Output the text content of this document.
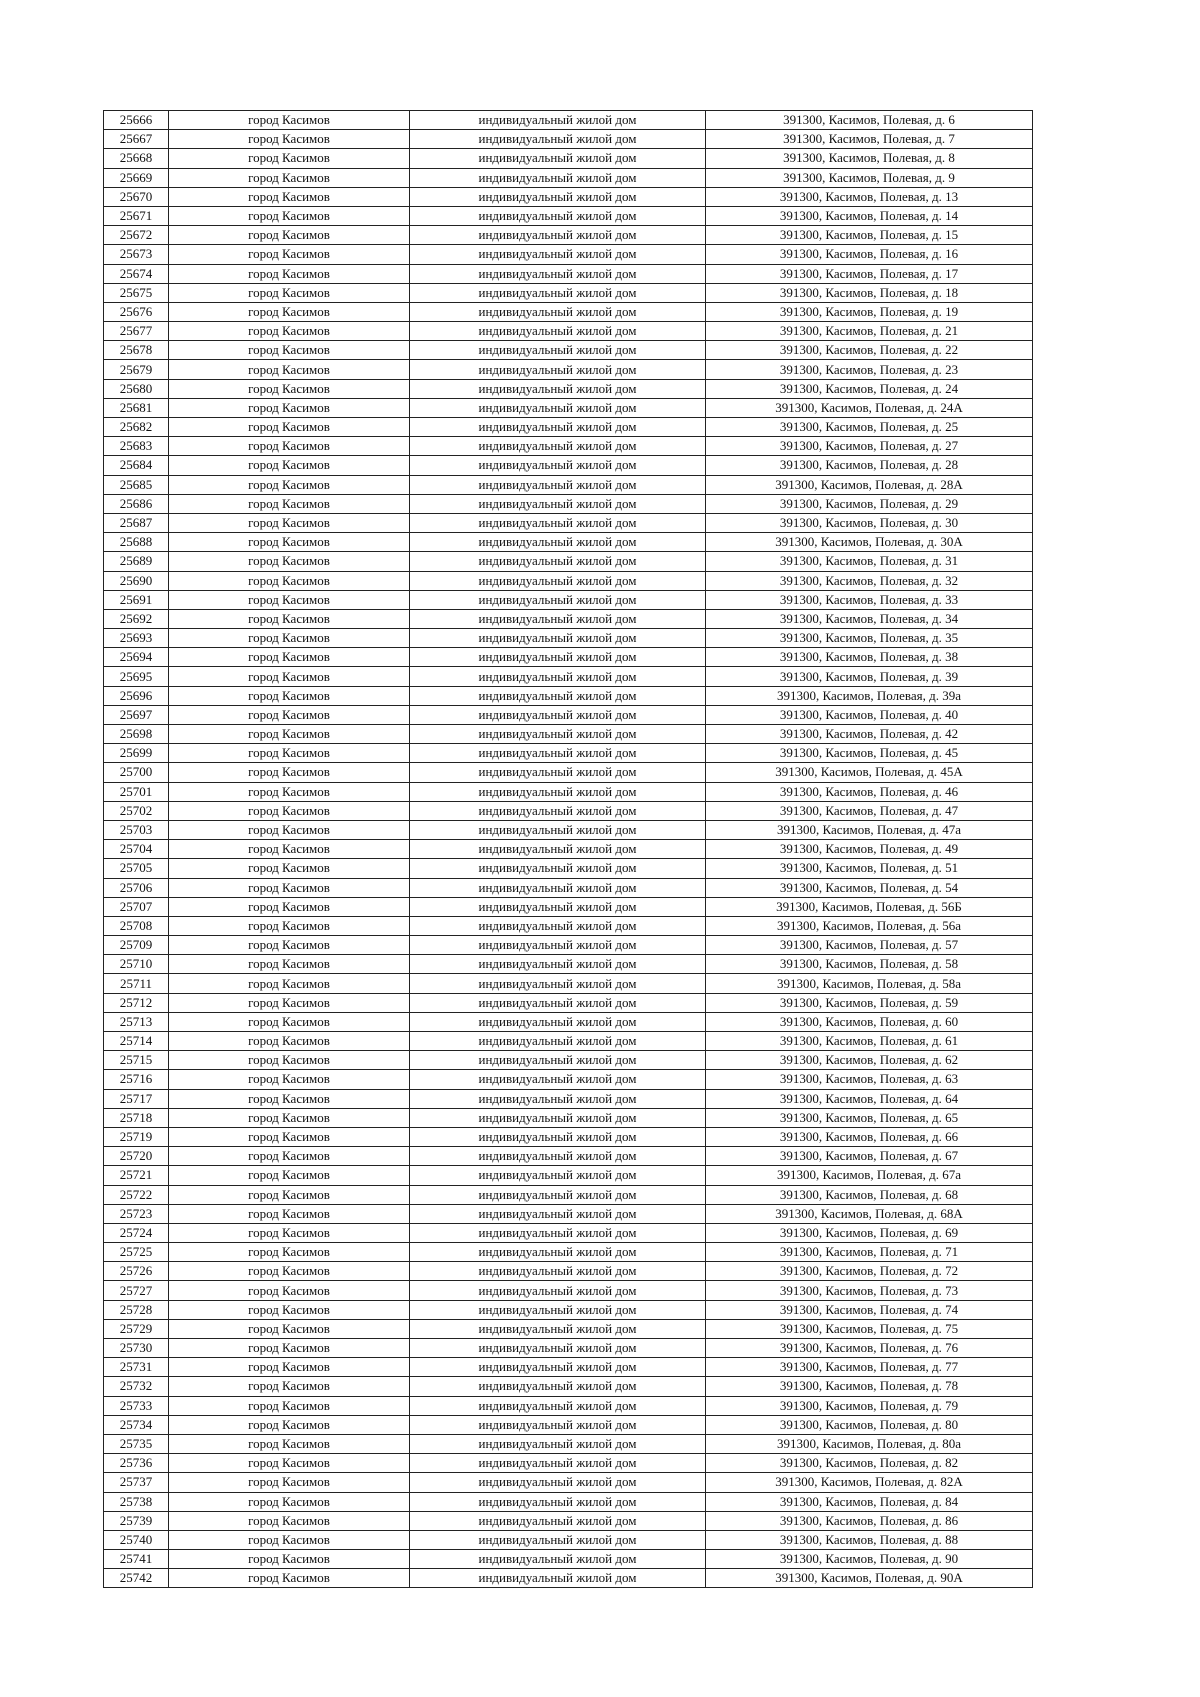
25666	город Касимов	индивидуальный жилой дом	391300, Касимов, Полевая, д. 6
25667	город Касимов	индивидуальный жилой дом	391300, Касимов, Полевая, д. 7
25668	город Касимов	индивидуальный жилой дом	391300, Касимов, Полевая, д. 8
25669	город Касимов	индивидуальный жилой дом	391300, Касимов, Полевая, д. 9
25670	город Касимов	индивидуальный жилой дом	391300, Касимов, Полевая, д. 13
25671	город Касимов	индивидуальный жилой дом	391300, Касимов, Полевая, д. 14
25672	город Касимов	индивидуальный жилой дом	391300, Касимов, Полевая, д. 15
25673	город Касимов	индивидуальный жилой дом	391300, Касимов, Полевая, д. 16
25674	город Касимов	индивидуальный жилой дом	391300, Касимов, Полевая, д. 17
25675	город Касимов	индивидуальный жилой дом	391300, Касимов, Полевая, д. 18
25676	город Касимов	индивидуальный жилой дом	391300, Касимов, Полевая, д. 19
25677	город Касимов	индивидуальный жилой дом	391300, Касимов, Полевая, д. 21
25678	город Касимов	индивидуальный жилой дом	391300, Касимов, Полевая, д. 22
25679	город Касимов	индивидуальный жилой дом	391300, Касимов, Полевая, д. 23
25680	город Касимов	индивидуальный жилой дом	391300, Касимов, Полевая, д. 24
25681	город Касимов	индивидуальный жилой дом	391300, Касимов, Полевая, д. 24А
25682	город Касимов	индивидуальный жилой дом	391300, Касимов, Полевая, д. 25
25683	город Касимов	индивидуальный жилой дом	391300, Касимов, Полевая, д. 27
25684	город Касимов	индивидуальный жилой дом	391300, Касимов, Полевая, д. 28
25685	город Касимов	индивидуальный жилой дом	391300, Касимов, Полевая, д. 28А
25686	город Касимов	индивидуальный жилой дом	391300, Касимов, Полевая, д. 29
25687	город Касимов	индивидуальный жилой дом	391300, Касимов, Полевая, д. 30
25688	город Касимов	индивидуальный жилой дом	391300, Касимов, Полевая, д. 30А
25689	город Касимов	индивидуальный жилой дом	391300, Касимов, Полевая, д. 31
25690	город Касимов	индивидуальный жилой дом	391300, Касимов, Полевая, д. 32
25691	город Касимов	индивидуальный жилой дом	391300, Касимов, Полевая, д. 33
25692	город Касимов	индивидуальный жилой дом	391300, Касимов, Полевая, д. 34
25693	город Касимов	индивидуальный жилой дом	391300, Касимов, Полевая, д. 35
25694	город Касимов	индивидуальный жилой дом	391300, Касимов, Полевая, д. 38
25695	город Касимов	индивидуальный жилой дом	391300, Касимов, Полевая, д. 39
25696	город Касимов	индивидуальный жилой дом	391300, Касимов, Полевая, д. 39а
25697	город Касимов	индивидуальный жилой дом	391300, Касимов, Полевая, д. 40
25698	город Касимов	индивидуальный жилой дом	391300, Касимов, Полевая, д. 42
25699	город Касимов	индивидуальный жилой дом	391300, Касимов, Полевая, д. 45
25700	город Касимов	индивидуальный жилой дом	391300, Касимов, Полевая, д. 45А
25701	город Касимов	индивидуальный жилой дом	391300, Касимов, Полевая, д. 46
25702	город Касимов	индивидуальный жилой дом	391300, Касимов, Полевая, д. 47
25703	город Касимов	индивидуальный жилой дом	391300, Касимов, Полевая, д. 47а
25704	город Касимов	индивидуальный жилой дом	391300, Касимов, Полевая, д. 49
25705	город Касимов	индивидуальный жилой дом	391300, Касимов, Полевая, д. 51
25706	город Касимов	индивидуальный жилой дом	391300, Касимов, Полевая, д. 54
25707	город Касимов	индивидуальный жилой дом	391300, Касимов, Полевая, д. 56Б
25708	город Касимов	индивидуальный жилой дом	391300, Касимов, Полевая, д. 56а
25709	город Касимов	индивидуальный жилой дом	391300, Касимов, Полевая, д. 57
25710	город Касимов	индивидуальный жилой дом	391300, Касимов, Полевая, д. 58
25711	город Касимов	индивидуальный жилой дом	391300, Касимов, Полевая, д. 58а
25712	город Касимов	индивидуальный жилой дом	391300, Касимов, Полевая, д. 59
25713	город Касимов	индивидуальный жилой дом	391300, Касимов, Полевая, д. 60
25714	город Касимов	индивидуальный жилой дом	391300, Касимов, Полевая, д. 61
25715	город Касимов	индивидуальный жилой дом	391300, Касимов, Полевая, д. 62
25716	город Касимов	индивидуальный жилой дом	391300, Касимов, Полевая, д. 63
25717	город Касимов	индивидуальный жилой дом	391300, Касимов, Полевая, д. 64
25718	город Касимов	индивидуальный жилой дом	391300, Касимов, Полевая, д. 65
25719	город Касимов	индивидуальный жилой дом	391300, Касимов, Полевая, д. 66
25720	город Касимов	индивидуальный жилой дом	391300, Касимов, Полевая, д. 67
25721	город Касимов	индивидуальный жилой дом	391300, Касимов, Полевая, д. 67а
25722	город Касимов	индивидуальный жилой дом	391300, Касимов, Полевая, д. 68
25723	город Касимов	индивидуальный жилой дом	391300, Касимов, Полевая, д. 68А
25724	город Касимов	индивидуальный жилой дом	391300, Касимов, Полевая, д. 69
25725	город Касимов	индивидуальный жилой дом	391300, Касимов, Полевая, д. 71
25726	город Касимов	индивидуальный жилой дом	391300, Касимов, Полевая, д. 72
25727	город Касимов	индивидуальный жилой дом	391300, Касимов, Полевая, д. 73
25728	город Касимов	индивидуальный жилой дом	391300, Касимов, Полевая, д. 74
25729	город Касимов	индивидуальный жилой дом	391300, Касимов, Полевая, д. 75
25730	город Касимов	индивидуальный жилой дом	391300, Касимов, Полевая, д. 76
25731	город Касимов	индивидуальный жилой дом	391300, Касимов, Полевая, д. 77
25732	город Касимов	индивидуальный жилой дом	391300, Касимов, Полевая, д. 78
25733	город Касимов	индивидуальный жилой дом	391300, Касимов, Полевая, д. 79
25734	город Касимов	индивидуальный жилой дом	391300, Касимов, Полевая, д. 80
25735	город Касимов	индивидуальный жилой дом	391300, Касимов, Полевая, д. 80а
25736	город Касимов	индивидуальный жилой дом	391300, Касимов, Полевая, д. 82
25737	город Касимов	индивидуальный жилой дом	391300, Касимов, Полевая, д. 82А
25738	город Касимов	индивидуальный жилой дом	391300, Касимов, Полевая, д. 84
25739	город Касимов	индивидуальный жилой дом	391300, Касимов, Полевая, д. 86
25740	город Касимов	индивидуальный жилой дом	391300, Касимов, Полевая, д. 88
25741	город Касимов	индивидуальный жилой дом	391300, Касимов, Полевая, д. 90
25742	город Касимов	индивидуальный жилой дом	391300, Касимов, Полевая, д. 90А
